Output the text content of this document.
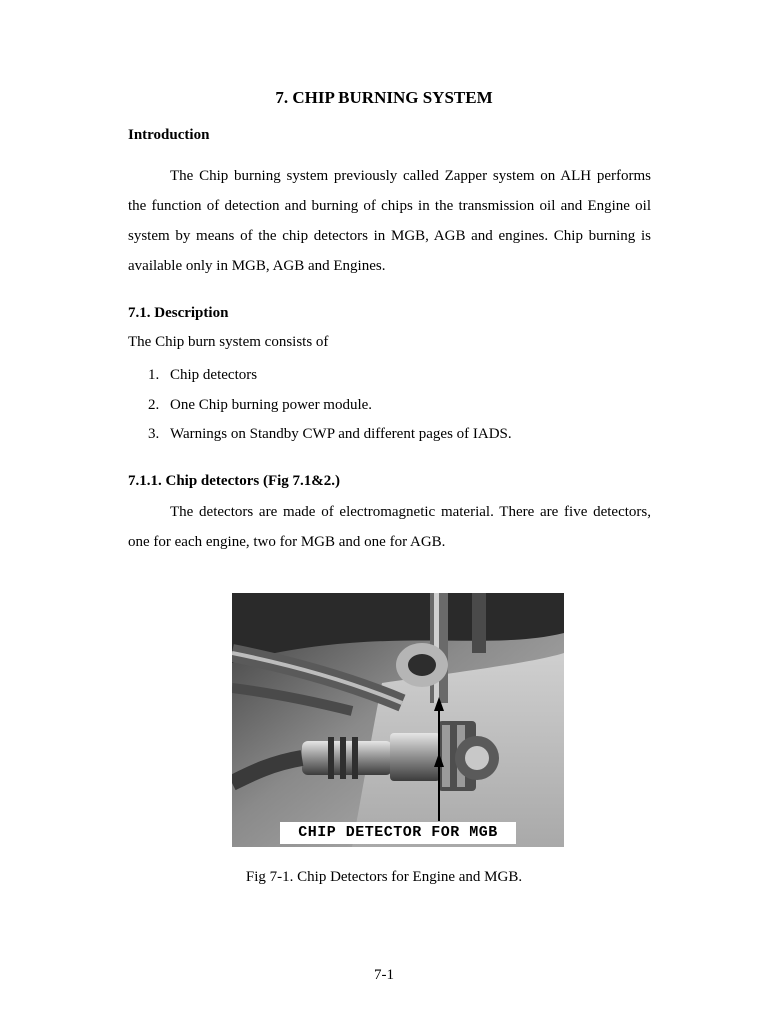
7. CHIP BURNING SYSTEM
Introduction

The Chip burning system previously called Zapper system on ALH performs the function of detection and burning of chips in the transmission oil and Engine oil system by means of the chip detectors in MGB, AGB and engines. Chip burning is available only in MGB, AGB and Engines.

7.1. Description

The Chip burn system consists of

1. Chip detectors
2. One Chip burning power module.
3. Warnings on Standby CWP and different pages of IADS.
7.1.1. Chip detectors (Fig 7.1&2.)

The detectors are made of electromagnetic material. There are five detectors, one for each engine, two for MGB and one for AGB.

CHIP DETECTOR FOR MGB

Fig 7-1. Chip Detectors for Engine and MGB.

7-1
